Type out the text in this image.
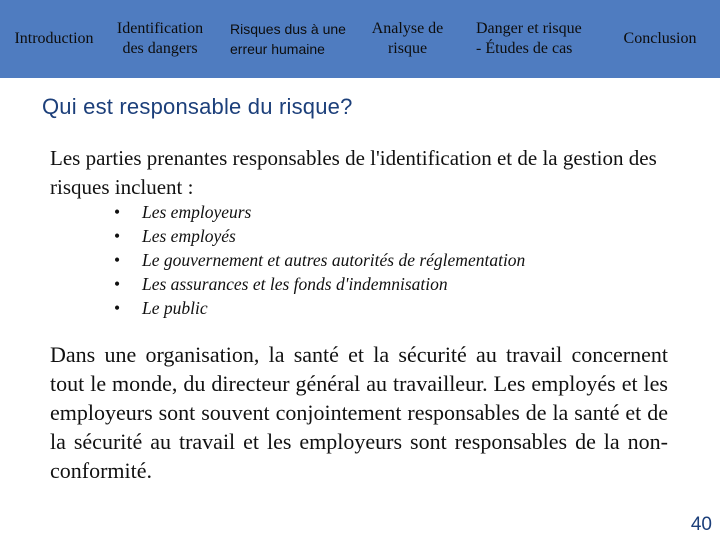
Introduction
Identification
des dangers
Risques dus à une
erreur humaine
Analyse de
risque
Danger et risque
- Études de cas
Conclusion
Qui est responsable du risque?

Les parties prenantes responsables de l'identification et de la gestion des risques incluent :

• Les employeurs
• Les employés
• Le gouvernement et autres autorités de réglementation
• Les assurances et les fonds d'indemnisation
• Le public

Dans une organisation, la santé et la sécurité au travail concernent tout le monde, du directeur général au travailleur. Les employés et les employeurs sont souvent conjointement responsables de la santé et de la sécurité au travail et les employeurs sont responsables de la non-conformité.

40
